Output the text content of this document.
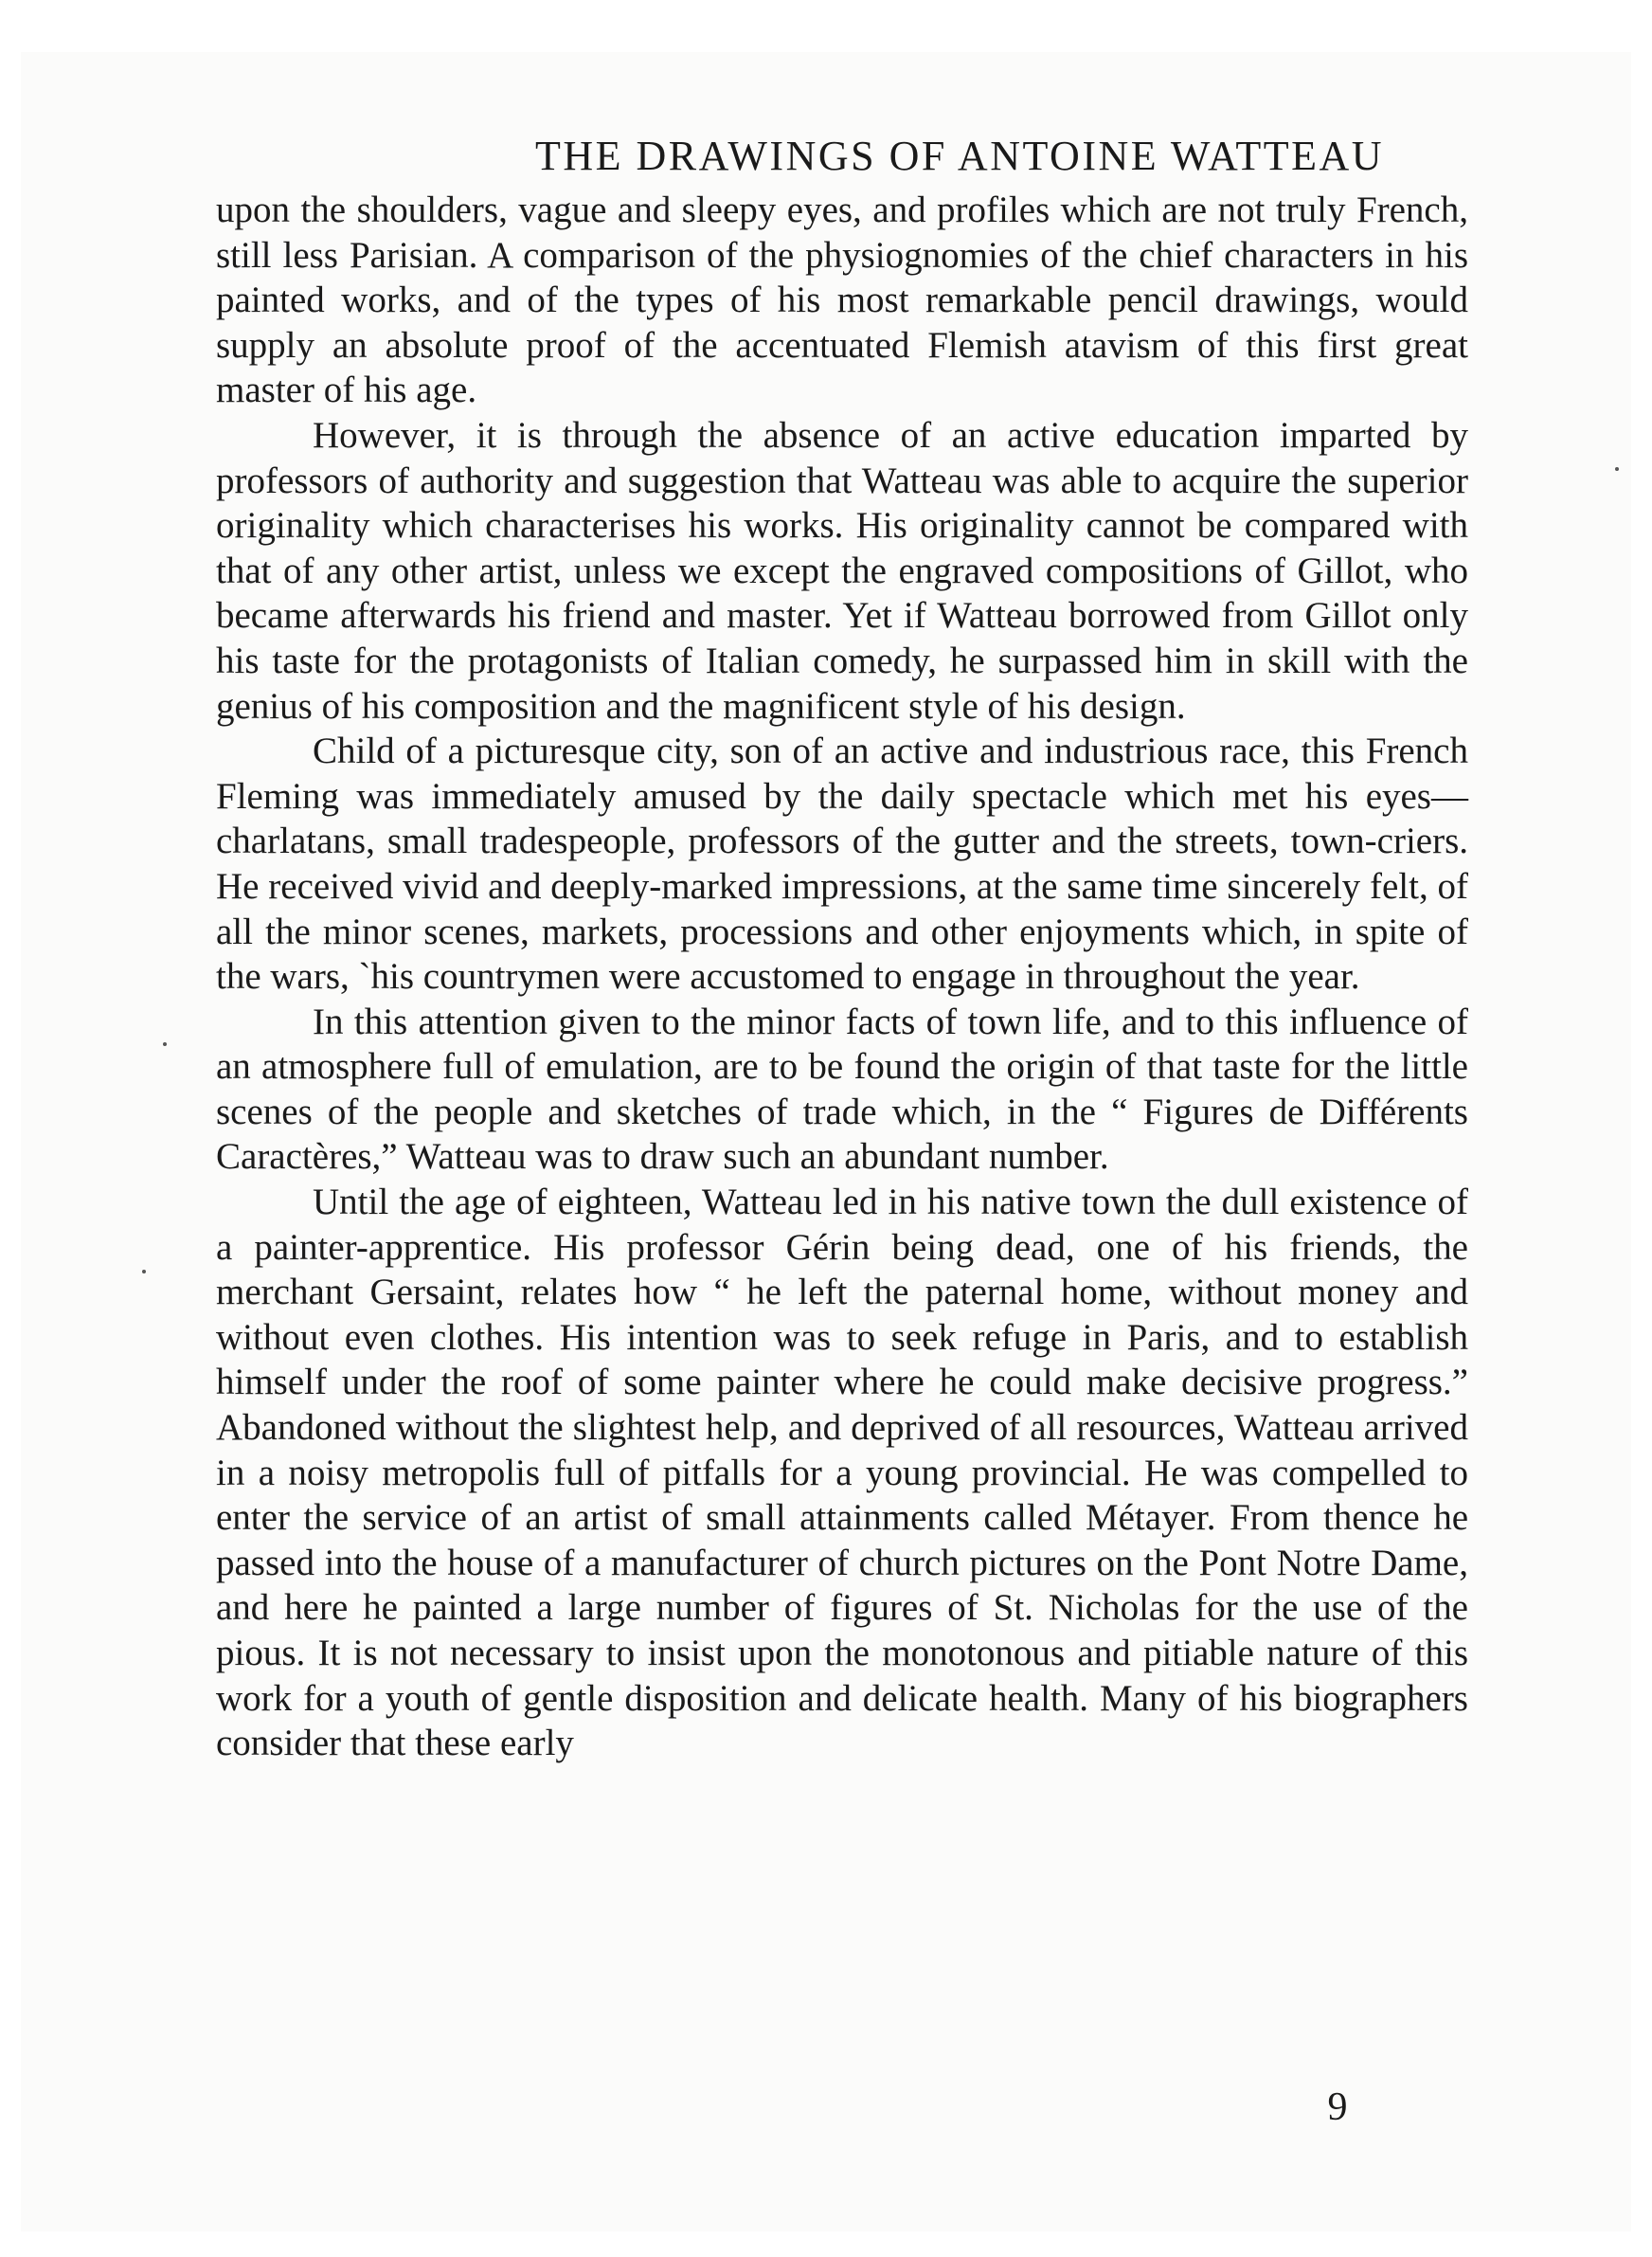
THE DRAWINGS OF ANTOINE WATTEAU

upon the shoulders, vague and sleepy eyes, and profiles which are not truly French, still less Parisian. A comparison of the physiognomies of the chief characters in his painted works, and of the types of his most remarkable pencil drawings, would supply an absolute proof of the accentuated Flemish atavism of this first great master of his age.

However, it is through the absence of an active education imparted by professors of authority and suggestion that Watteau was able to acquire the superior originality which characterises his works. His originality cannot be compared with that of any other artist, unless we except the engraved compositions of Gillot, who became afterwards his friend and master. Yet if Watteau borrowed from Gillot only his taste for the protagonists of Italian comedy, he surpassed him in skill with the genius of his composition and the magnificent style of his design.

Child of a picturesque city, son of an active and industrious race, this French Fleming was immediately amused by the daily spectacle which met his eyes—charlatans, small tradespeople, professors of the gutter and the streets, town-criers. He received vivid and deeply-marked impressions, at the same time sincerely felt, of all the minor scenes, markets, processions and other enjoyments which, in spite of the wars, `his countrymen were accustomed to engage in throughout the year.

In this attention given to the minor facts of town life, and to this influence of an atmosphere full of emulation, are to be found the origin of that taste for the little scenes of the people and sketches of trade which, in the “ Figures de Différents Caractères,” Watteau was to draw such an abundant number.

Until the age of eighteen, Watteau led in his native town the dull existence of a painter-apprentice. His professor Gérin being dead, one of his friends, the merchant Gersaint, relates how “ he left the paternal home, without money and without even clothes. His intention was to seek refuge in Paris, and to establish himself under the roof of some painter where he could make decisive progress.” Abandoned without the slightest help, and deprived of all resources, Watteau arrived in a noisy metropolis full of pitfalls for a young provincial. He was compelled to enter the service of an artist of small attainments called Métayer. From thence he passed into the house of a manufacturer of church pictures on the Pont Notre Dame, and here he painted a large number of figures of St. Nicholas for the use of the pious. It is not necessary to insist upon the monotonous and pitiable nature of this work for a youth of gentle disposition and delicate health. Many of his biographers consider that these early

9
